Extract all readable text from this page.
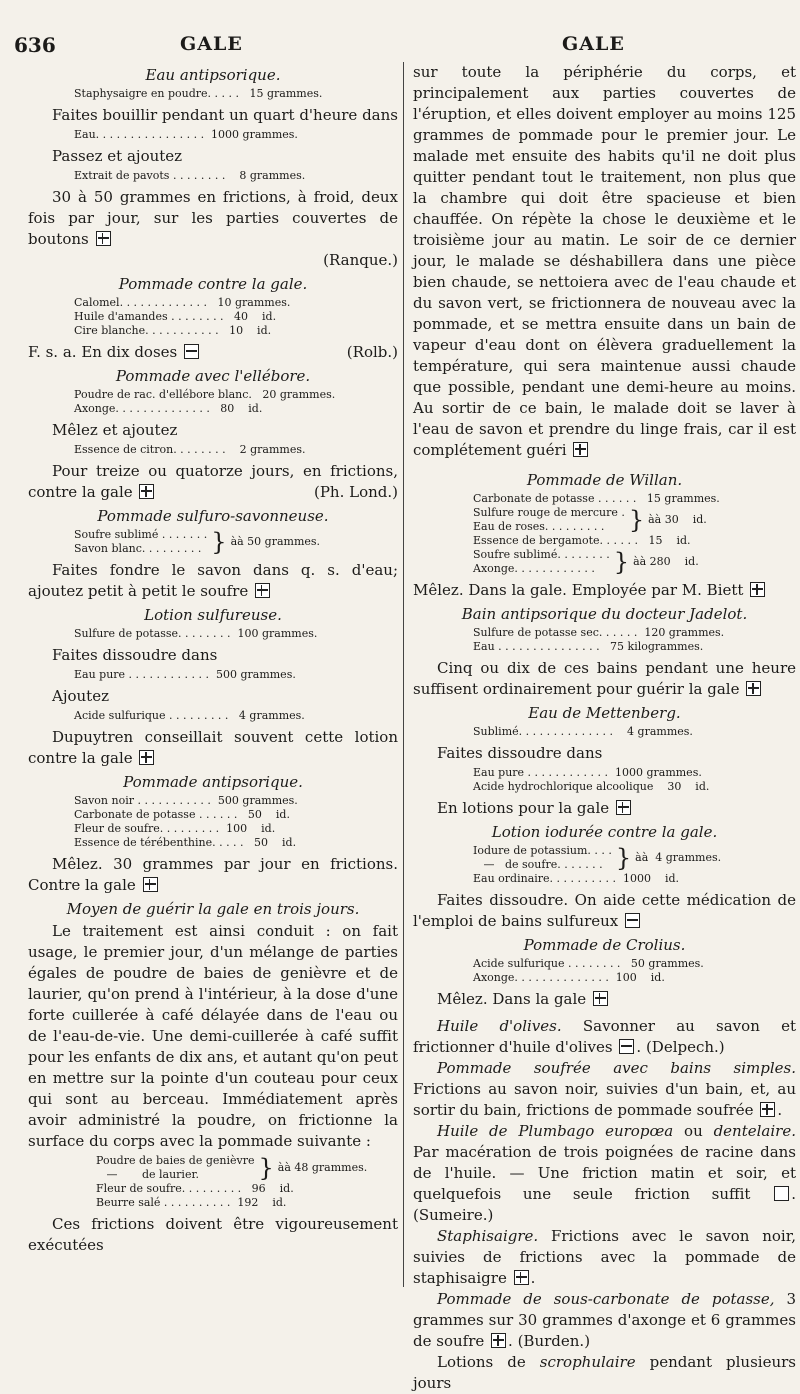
636	GALE	GALE
Eau antipsorique.
Staphysaigre en poudre. . . . .   15 grammes.

Faites bouillir pendant un quart d'heure dans

Eau. . . . . . . . . . . . . . . .  1000 grammes.

Passez et ajoutez

Extrait de pavots . . . . . . . .    8 grammes.

30 à 50 grammes en frictions, à froid, deux fois par jour, sur les parties couvertes de boutons

(Ranque.)

Pommade contre la gale.
Calomel. . . . . . . . . . . . .   10 grammes.
Huile d'amandes . . . . . . . .   40    id.
Cire blanche. . . . . . . . . . .   10    id.

F. s. a. En dix doses	(Rolb.)

Pommade avec l'ellébore.
Poudre de rac. d'ellébore blanc.   20 grammes.
Axonge. . . . . . . . . . . . . .   80    id.

Mêlez et ajoutez

Essence de citron. . . . . . . .    2 grammes.

Pour treize ou quatorze jours, en frictions, contre la gale	(Ph. Lond.)

Pommade sulfuro-savonneuse.
Soufre sublimé . . . . . . .
Savon blanc. . . . . . . . . } àà 50 grammes.

Faites fondre le savon dans q. s. d'eau; ajoutez petit à petit le soufre

Lotion sulfureuse.
Sulfure de potasse. . . . . . . .  100 grammes.

Faites dissoudre dans

Eau pure . . . . . . . . . . . .  500 grammes.

Ajoutez

Acide sulfurique . . . . . . . . .   4 grammes.

Dupuytren conseillait souvent cette lotion contre la gale

Pommade antipsorique.
Savon noir . . . . . . . . . . .  500 grammes.
Carbonate de potasse . . . . . .   50    id.
Fleur de soufre. . . . . . . . .  100    id.
Essence de térébenthine. . . . .   50    id.

Mêlez. 30 grammes par jour en frictions. Contre la gale

Moyen de guérir la gale en trois jours.

Le traitement est ainsi conduit : on fait usage, le premier jour, d'un mélange de parties égales de poudre de baies de genièvre et de laurier, qu'on prend à l'intérieur, à la dose d'une forte cuillerée à café délayée dans de l'eau ou de l'eau-de-vie. Une demi-cuillerée à café suffit pour les enfants de dix ans, et autant qu'on peut en mettre sur la pointe d'un couteau pour ceux qui sont au berceau. Immédiatement après avoir administré la poudre, on frictionne la surface du corps avec la pommade suivante :

Poudre de baies de genièvre
—       de laurier.	} àà 48 grammes.
Fleur de soufre. . . . . . . . .   96    id.
Beurre salé . . . . . . . . . .  192    id.

Ces frictions doivent être vigoureusement exécutées

sur toute la périphérie du corps, et principalement aux parties couvertes de l'éruption, et elles doivent employer au moins 125 grammes de pommade pour le premier jour. Le malade met ensuite des habits qu'il ne doit plus quitter pendant tout le traitement, non plus que la chambre qui doit être spacieuse et bien chauffée. On répète la chose le deuxième et le troisième jour au matin. Le soir de ce dernier jour, le malade se déshabillera dans une pièce bien chaude, se nettoiera avec de l'eau chaude et du savon vert, se frictionnera de nouveau avec la pommade, et se mettra ensuite dans un bain de vapeur d'eau dont on élèvera graduellement la température, qui sera maintenue aussi chaude que possible, pendant une demi-heure au moins. Au sortir de ce bain, le malade doit se laver à l'eau de savon et prendre du linge frais, car il est complétement guéri

Pommade de Willan.
Carbonate de potasse . . . . . .   15 grammes.
Sulfure rouge de mercure .
Eau de roses. . . . . . . . .	} àà 30    id.
Essence de bergamote. . . . . .   15    id.
Soufre sublimé. . . . . . . .
Axonge. . . . . . . . . . . . } àà 280    id.

Mêlez. Dans la gale. Employée par M. Biett

Bain antipsorique du docteur Jadelot.
Sulfure de potasse sec. . . . . .  120 grammes.
Eau . . . . . . . . . . . . . . .   75 kilogrammes.

Cinq ou dix de ces bains pendant une heure suffisent ordinairement pour guérir la gale

Eau de Mettenberg.
Sublimé. . . . . . . . . . . . . .    4 grammes.

Faites dissoudre dans

Eau pure . . . . . . . . . . . .  1000 grammes.
Acide hydrochlorique alcoolique    30    id.

En lotions pour la gale

Lotion iodurée contre la gale.
Iodure de potassium. . . .
—   de soufre. . . . . . . } àà  4 grammes.
Eau ordinaire. . . . . . . . . .  1000    id.

Faites dissoudre. On aide cette médication de l'emploi de bains sulfureux

Pommade de Crolius.
Acide sulfurique . . . . . . . .   50 grammes.
Axonge. . . . . . . . . . . . . .  100    id.

Mêlez. Dans la gale

Huile d'olives. Savonner au savon et frictionner d'huile d'olives . (Delpech.)

Pommade soufrée avec bains simples. Frictions au savon noir, suivies d'un bain, et, au sortir du bain, frictions de pommade soufrée .

Huile de Plumbago europœa ou dentelaire. Par macération de trois poignées de racine dans de l'huile. — Une friction matin et soir, et quelquefois une seule friction suffit	. (Sumeire.)

Staphisaigre. Frictions avec le savon noir, suivies de frictions avec la pommade de staphisaigre .

Pommade de sous-carbonate de potasse, 3 grammes sur 30 grammes d'axonge et 6 grammes de soufre . (Burden.)

Lotions de scrophulaire pendant plusieurs jours
